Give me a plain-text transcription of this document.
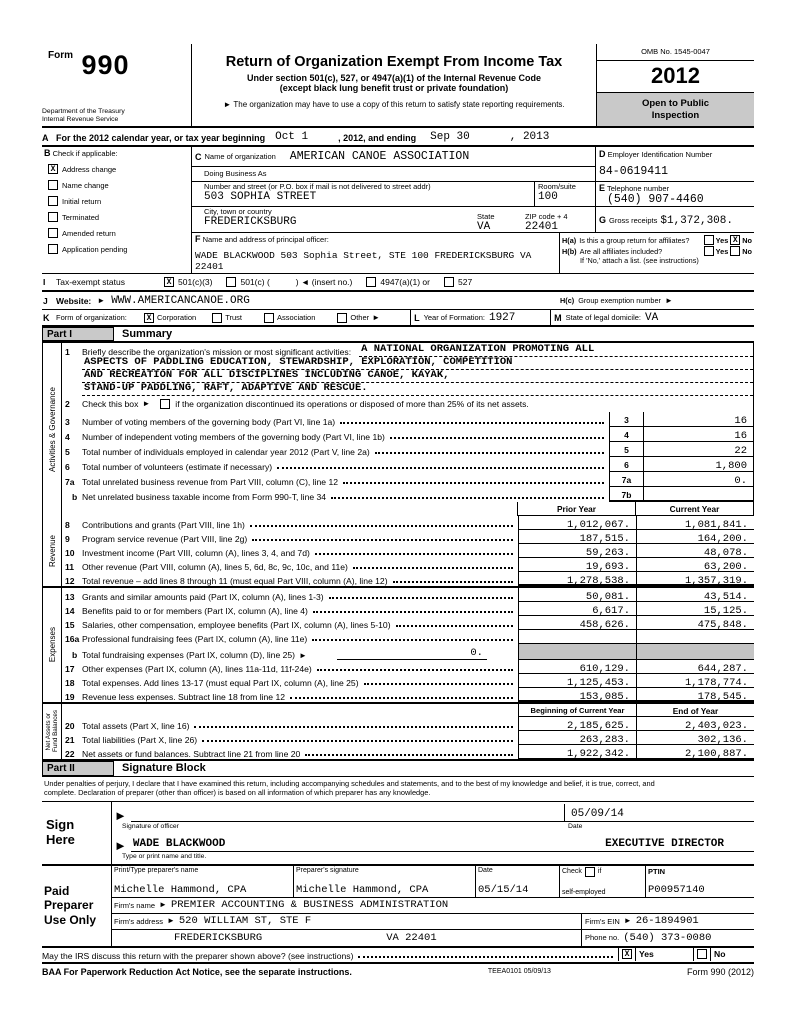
$^{Form}$ 990
Department of the Treasury
Internal Revenue Service
Return of Organization Exempt From Income Tax
Under section 501(c), 527, or 4947(a)(1) of the Internal Revenue Code
(except black lung benefit trust or private foundation)
► The organization may have to use a copy of this return to satisfy state reporting requirements.
OMB No. 1545-0047
2012
Open to Public
Inspection
A For the 2012 calendar year, or tax year beginning Oct 1	, 2012, and ending Sep 30	, 2013
B Check if applicable:
X Address change
Name change
Initial return
Terminated
Amended return
Application pending
C Name of organization AMERICAN CANOE ASSOCIATION
Doing Business As
Number and street (or P.O. box if mail is not delivered to street addr)
503 SOPHIA STREET
Room/suite
100
City, town or country
FREDERICKSBURG	State
VA
ZIP code + 4
22401
D Employer Identification Number
84-0619411
E Telephone number
(540) 907-4460
G Gross receipts $1,372,308.
F Name and address of principal officer:
WADE BLACKWOOD 503 Sophia Street, STE 100 FREDERICKSBURG VA 22401
H(a) Is this a group return for affiliates?	Yes X No
H(b) Are all affiliates included?	Yes No
If 'No,' attach a list. (see instructions)
I	Tax-exempt status	X 501(c)(3)	501(c) (	) ◄ (insert no.)	4947(a)(1) or	527
J Website: ► WWW.AMERICANCANOE.ORG	H(c) Group exemption number ►
K Form of organization:	X Corporation	Trust	Association	Other ►	L Year of Formation: 1927	M State of legal domicile: VA
Part I	Summary
Activities & Governance
1	Briefly describe the organization's mission or most significant activities: A NATIONAL ORGANIZATION PROMOTING ALL
ASPECTS OF PADDLING EDUCATION, STEWARDSHIP, EXPLORATION, COMPETITION
AND RECREATION FOR ALL DISCIPLINES INCLUDING CANOE, KAYAK,
STAND-UP PADDLING, RAFT, ADAPTIVE AND RESCUE.
2	Check this box ►	if the organization discontinued its operations or disposed of more than 25% of its net assets.
3	Number of voting members of the governing body (Part VI, line 1a)	3	16
4	Number of independent voting members of the governing body (Part VI, line 1b)	4	16
5	Total number of individuals employed in calendar year 2012 (Part V, line 2a)	5	22
6	Total number of volunteers (estimate if necessary)	6	1,800
7a Total unrelated business revenue from Part VIII, column (C), line 12	7a	0.
b Net unrelated business taxable income from Form 990-T, line 34	7b
Prior Year	Current Year
Revenue
8	Contributions and grants (Part VIII, line 1h)	1,012,067.	1,081,841.
9	Program service revenue (Part VIII, line 2g)	187,515.	164,200.
10 Investment income (Part VIII, column (A), lines 3, 4, and 7d)	59,263.	48,078.
11 Other revenue (Part VIII, column (A), lines 5, 6d, 8c, 9c, 10c, and 11e)	19,693.	63,200.
12 Total revenue – add lines 8 through 11 (must equal Part VIII, column (A), line 12)	1,278,538.	1,357,319.
Expenses
13 Grants and similar amounts paid (Part IX, column (A), lines 1-3)	50,081.	43,514.
14 Benefits paid to or for members (Part IX, column (A), line 4)	6,617.	15,125.
15 Salaries, other compensation, employee benefits (Part IX, column (A), lines 5-10)	458,626.	475,848.
16a Professional fundraising fees (Part IX, column (A), line 11e)
b Total fundraising expenses (Part IX, column (D), line 25) ►	0.
17 Other expenses (Part IX, column (A), lines 11a-11d, 11f-24e)	610,129.	644,287.
18 Total expenses. Add lines 13-17 (must equal Part IX, column (A), line 25)	1,125,453.	1,178,774.
19 Revenue less expenses. Subtract line 18 from line 12	153,085.	178,545.
Net Assets or Fund Balances	Beginning of Current Year	End of Year
20 Total assets (Part X, line 16)	2,185,625.	2,403,023.
21 Total liabilities (Part X, line 26)	263,283.	302,136.
22 Net assets or fund balances. Subtract line 21 from line 20	1,922,342.	2,100,887.
Part II	Signature Block
Under penalties of perjury, I declare that I have examined this return, including accompanying schedules and statements, and to the best of my knowledge and belief, it is true, correct, and
complete. Declaration of preparer (other than officer) is based on all information of which preparer has any knowledge.
Sign
Here
►	05/09/14
Signature of officer	Date
► WADE BLACKWOOD	EXECUTIVE DIRECTOR
Type or print name and title.
Paid
Preparer
Use Only
Print/Type preparer's name
Michelle Hammond, CPA
Preparer's signature
Michelle Hammond, CPA
Date
05/15/14
Check if
self-employed
PTIN
P00957140
Firm's name ► PREMIER ACCOUNTING & BUSINESS ADMINISTRATION
Firm's address ► 520 WILLIAM ST, STE F	Firm's EIN ► 26-1894901
FREDERICKSBURG	VA 22401	Phone no. (540) 373-0080
May the IRS discuss this return with the preparer shown above? (see instructions)	X	Yes	No
BAA For Paperwork Reduction Act Notice, see the separate instructions.	TEEA0101 05/09/13	Form 990 (2012)
